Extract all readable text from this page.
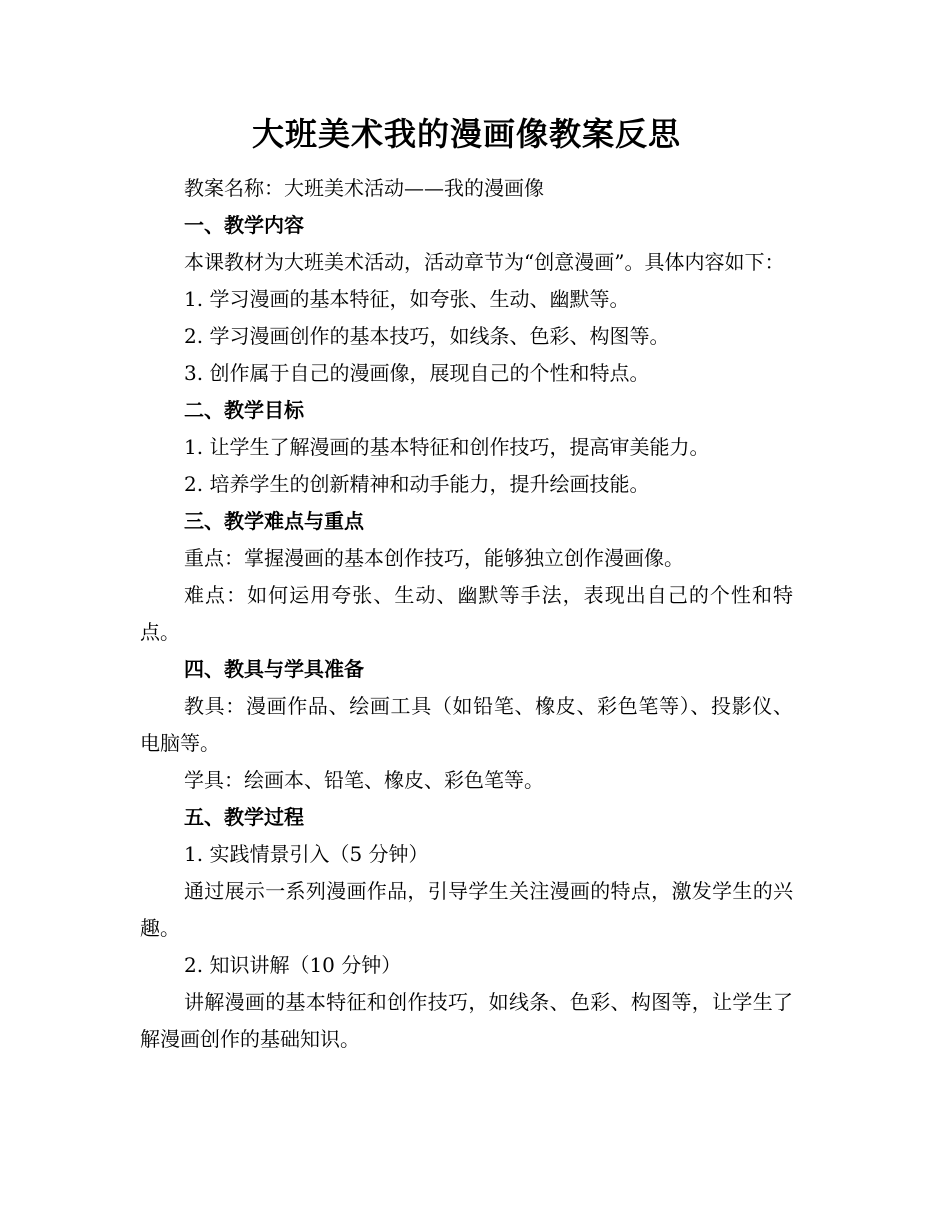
大班美术我的漫画像教案反思

教案名称：大班美术活动——我的漫画像

一、教学内容

本课教材为大班美术活动，活动章节为“创意漫画”。具体内容如下：

1. 学习漫画的基本特征，如夸张、生动、幽默等。

2. 学习漫画创作的基本技巧，如线条、色彩、构图等。

3. 创作属于自己的漫画像，展现自己的个性和特点。

二、教学目标

1. 让学生了解漫画的基本特征和创作技巧，提高审美能力。

2. 培养学生的创新精神和动手能力，提升绘画技能。

三、教学难点与重点

重点：掌握漫画的基本创作技巧，能够独立创作漫画像。

难点：如何运用夸张、生动、幽默等手法，表现出自己的个性和特点。

四、教具与学具准备

教具：漫画作品、绘画工具（如铅笔、橡皮、彩色笔等）、投影仪、电脑等。

学具：绘画本、铅笔、橡皮、彩色笔等。

五、教学过程

1. 实践情景引入（5 分钟）

通过展示一系列漫画作品，引导学生关注漫画的特点，激发学生的兴趣。

2. 知识讲解（10 分钟）

讲解漫画的基本特征和创作技巧，如线条、色彩、构图等，让学生了解漫画创作的基础知识。
